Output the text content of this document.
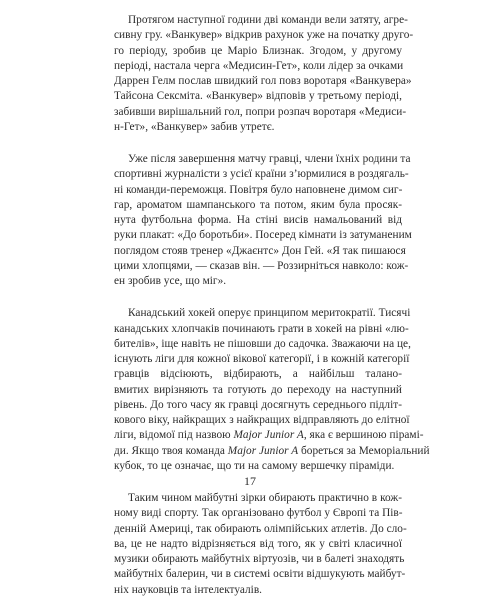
Протягом наступної години дві команди вели затяту, агре-
сивну гру. «Ванкувер» відкрив рахунок уже на початку друго-
го періоду, зробив це Маріо Близнак. Згодом, у другому
періоді, настала черга «Медисин-Гет», коли лідер за очками
Даррен Гелм послав швидкий гол повз воротаря «Ванкувера»
Тайсона Сексміта. «Ванкувер» відповів у третьому періоді,
забивши вирішальний гол, попри розпач воротаря «Медиси-
н-Гет», «Ванкувер» забив утретє.

Уже після завершення матчу гравці, члени їхніх родини та
спортивні журналісти з усієї країни з’юрмилися в роздягаль-
ні команди-переможця. Повітря було наповнене димом сиг-
гар, ароматом шампанського та потом, яким була просяк-
нута футбольна форма. На стіні висів намальований від
руки плакат: «До боротьби». Посеред кімнати із затуманеним
поглядом стояв тренер «Джаєнтс» Дон Гей. «Я так пишаюся
цими хлопцями, — сказав він. — Роззирніться навколо: кож-
ен зробив усе, що міг».

Канадський хокей оперує принципом меритократії. Тисячі
канадських хлопчаків починають грати в хокей на рівні «лю-
бителів», іще навіть не пішовши до садочка. Зважаючи на це,
існують ліги для кожної вікової категорії, і в кожній категорії
гравців відсіюють, відбирають, а найбільш талано-
вмитих вирізняють та готують до переходу на наступний
рівень. До того часу як гравці досягнуть середнього підліт-
кового віку, найкращих з найкращих відправляють до елітної
ліги, відомої під назвою Major Junior A, яка є вершиною пірамі-
ди. Якщо твоя команда Major Junior A бореться за Меморіальний
кубок, то це означає, що ти на самому вершечку піраміди.

Таким чином майбутні зірки обирають практично в кож-
ному виді спорту. Так організовано футбол у Європі та Пів-
денній Америці, так обирають олімпійських атлетів. До сло-
ва, це не надто відрізняється від того, як у світі класичної
музики обирають майбутніх віртуозів, чи в балеті знаходять
майбутніх балерин, чи в системі освіти відшукують майбут-
ніх науковців та інтелектуалів.

17
